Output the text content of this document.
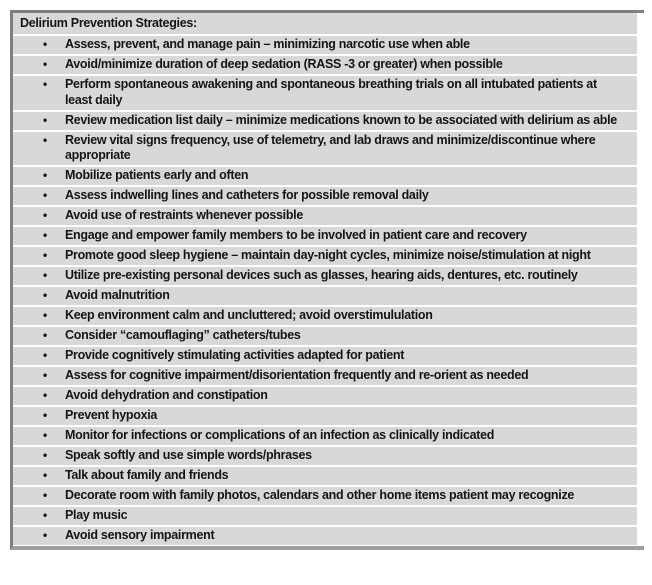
Delirium Prevention Strategies:
•	Assess, prevent, and manage pain – minimizing narcotic use when able
•	Avoid/minimize duration of deep sedation (RASS -3 or greater) when possible
•	Perform spontaneous awakening and spontaneous breathing trials on all intubated patients at least daily
•	Review medication list daily – minimize medications known to be associated with delirium as able
•	Review vital signs frequency, use of telemetry, and lab draws and minimize/discontinue where appropriate
•	Mobilize patients early and often
•	Assess indwelling lines and catheters for possible removal daily
•	Avoid use of restraints whenever possible
•	Engage and empower family members to be involved in patient care and recovery
•	Promote good sleep hygiene – maintain day-night cycles, minimize noise/stimulation at night
•	Utilize pre-existing personal devices such as glasses, hearing aids, dentures, etc. routinely
•	Avoid malnutrition
•	Keep environment calm and uncluttered; avoid overstimululation
•	Consider “camouflaging” catheters/tubes
•	Provide cognitively stimulating activities adapted for patient
•	Assess for cognitive impairment/disorientation frequently and re-orient as needed
•	Avoid dehydration and constipation
•	Prevent hypoxia
•	Monitor for infections or complications of an infection as clinically indicated
•	Speak softly and use simple words/phrases
•	Talk about family and friends
•	Decorate room with family photos, calendars and other home items patient may recognize
•	Play music
•	Avoid sensory impairment
